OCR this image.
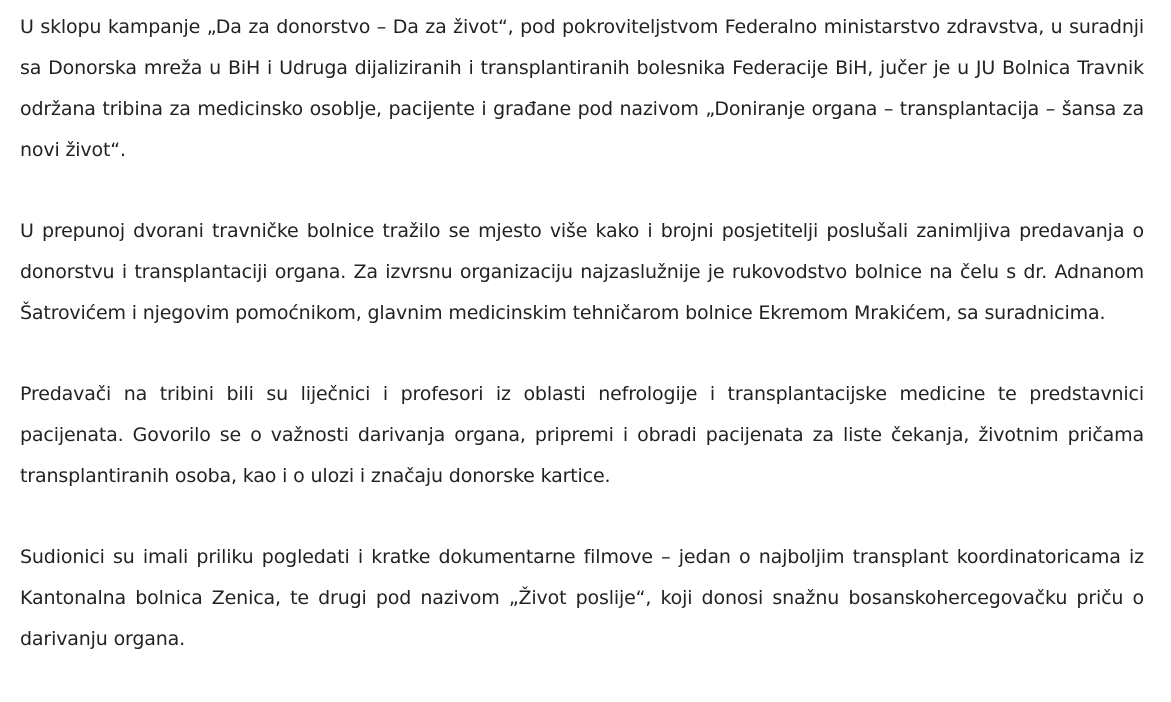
U sklopu kampanje „Da za donorstvo – Da za život“, pod pokroviteljstvom Federalno ministarstvo zdravstva, u suradnji sa Donorska mreža u BiH i Udruga dijaliziranih i transplantiranih bolesnika Federacije BiH, jučer je u JU Bolnica Travnik održana tribina za medicinsko osoblje, pacijente i građane pod nazivom „Doniranje organa – transplantacija – šansa za novi život“.

U prepunoj dvorani travničke bolnice tražilo se mjesto više kako i brojni posjetitelji poslušali zanimljiva predavanja o donorstvu i transplantaciji organa. Za izvrsnu organizaciju najzaslužnije je rukovodstvo bolnice na čelu s dr. Adnanom Šatrovićem i njegovim pomoćnikom, glavnim medicinskim tehničarom bolnice Ekremom Mrakićem, sa suradnicima.

Predavači na tribini bili su liječnici i profesori iz oblasti nefrologije i transplantacijske medicine te predstavnici pacijenata. Govorilo se o važnosti darivanja organa, pripremi i obradi pacijenata za liste čekanja, životnim pričama transplantiranih osoba, kao i o ulozi i značaju donorske kartice.

Sudionici su imali priliku pogledati i kratke dokumentarne filmove – jedan o najboljim transplant koordinatoricama iz Kantonalna bolnica Zenica, te drugi pod nazivom „Život poslije“, koji donosi snažnu bosanskohercegovačku priču o darivanju organa.
